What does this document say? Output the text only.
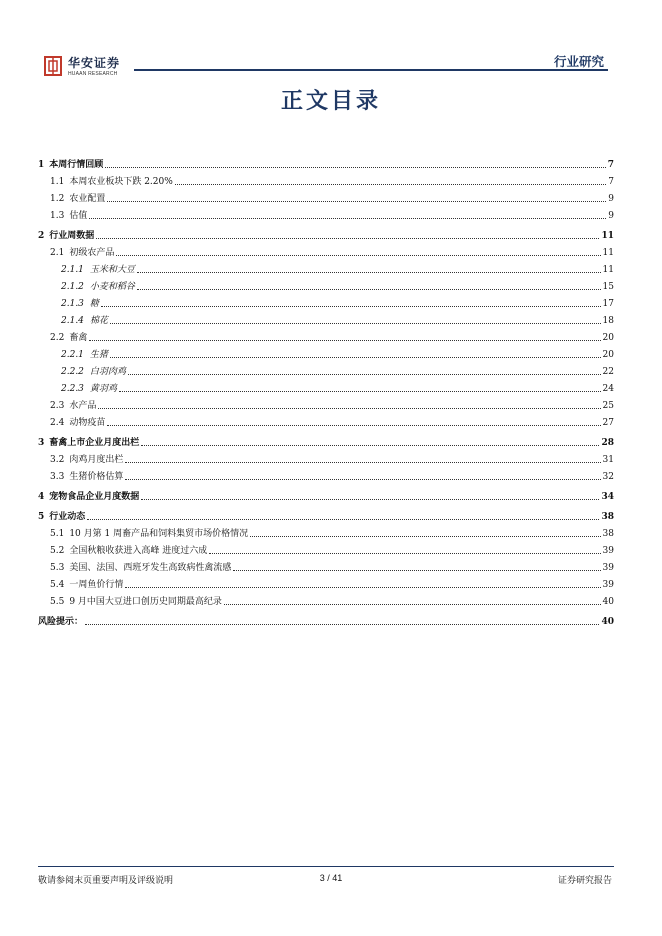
华安证券
HUAAN RESEARCH
行业研究
正文目录
1 本周行情回顾	7
1.1 本周农业板块下跌 2.20%	7
1.2 农业配置	9
1.3 估值	9
2 行业周数据	11
2.1 初级农产品	11
2.1.1 玉米和大豆	11
2.1.2 小麦和稻谷	15
2.1.3 糖	17
2.1.4 棉花	18
2.2 畜禽	20
2.2.1 生猪	20
2.2.2 白羽肉鸡	22
2.2.3 黄羽鸡	24
2.3 水产品	25
2.4 动物疫苗	27
3 畜禽上市企业月度出栏	28
3.2 肉鸡月度出栏	31
3.3 生猪价格估算	32
4 宠物食品企业月度数据	34
5 行业动态	38
5.1 10 月第 1 周畜产品和饲料集贸市场价格情况	38
5.2 全国秋粮收获进入高峰 进度过六成	39
5.3 美国、法国、西班牙发生高致病性禽流感	39
5.4 一周鱼价行情	39
5.5 9 月中国大豆进口创历史同期最高纪录	40
风险提示：	40
敬请参阅末页重要声明及评级说明	3 / 41	证券研究报告
